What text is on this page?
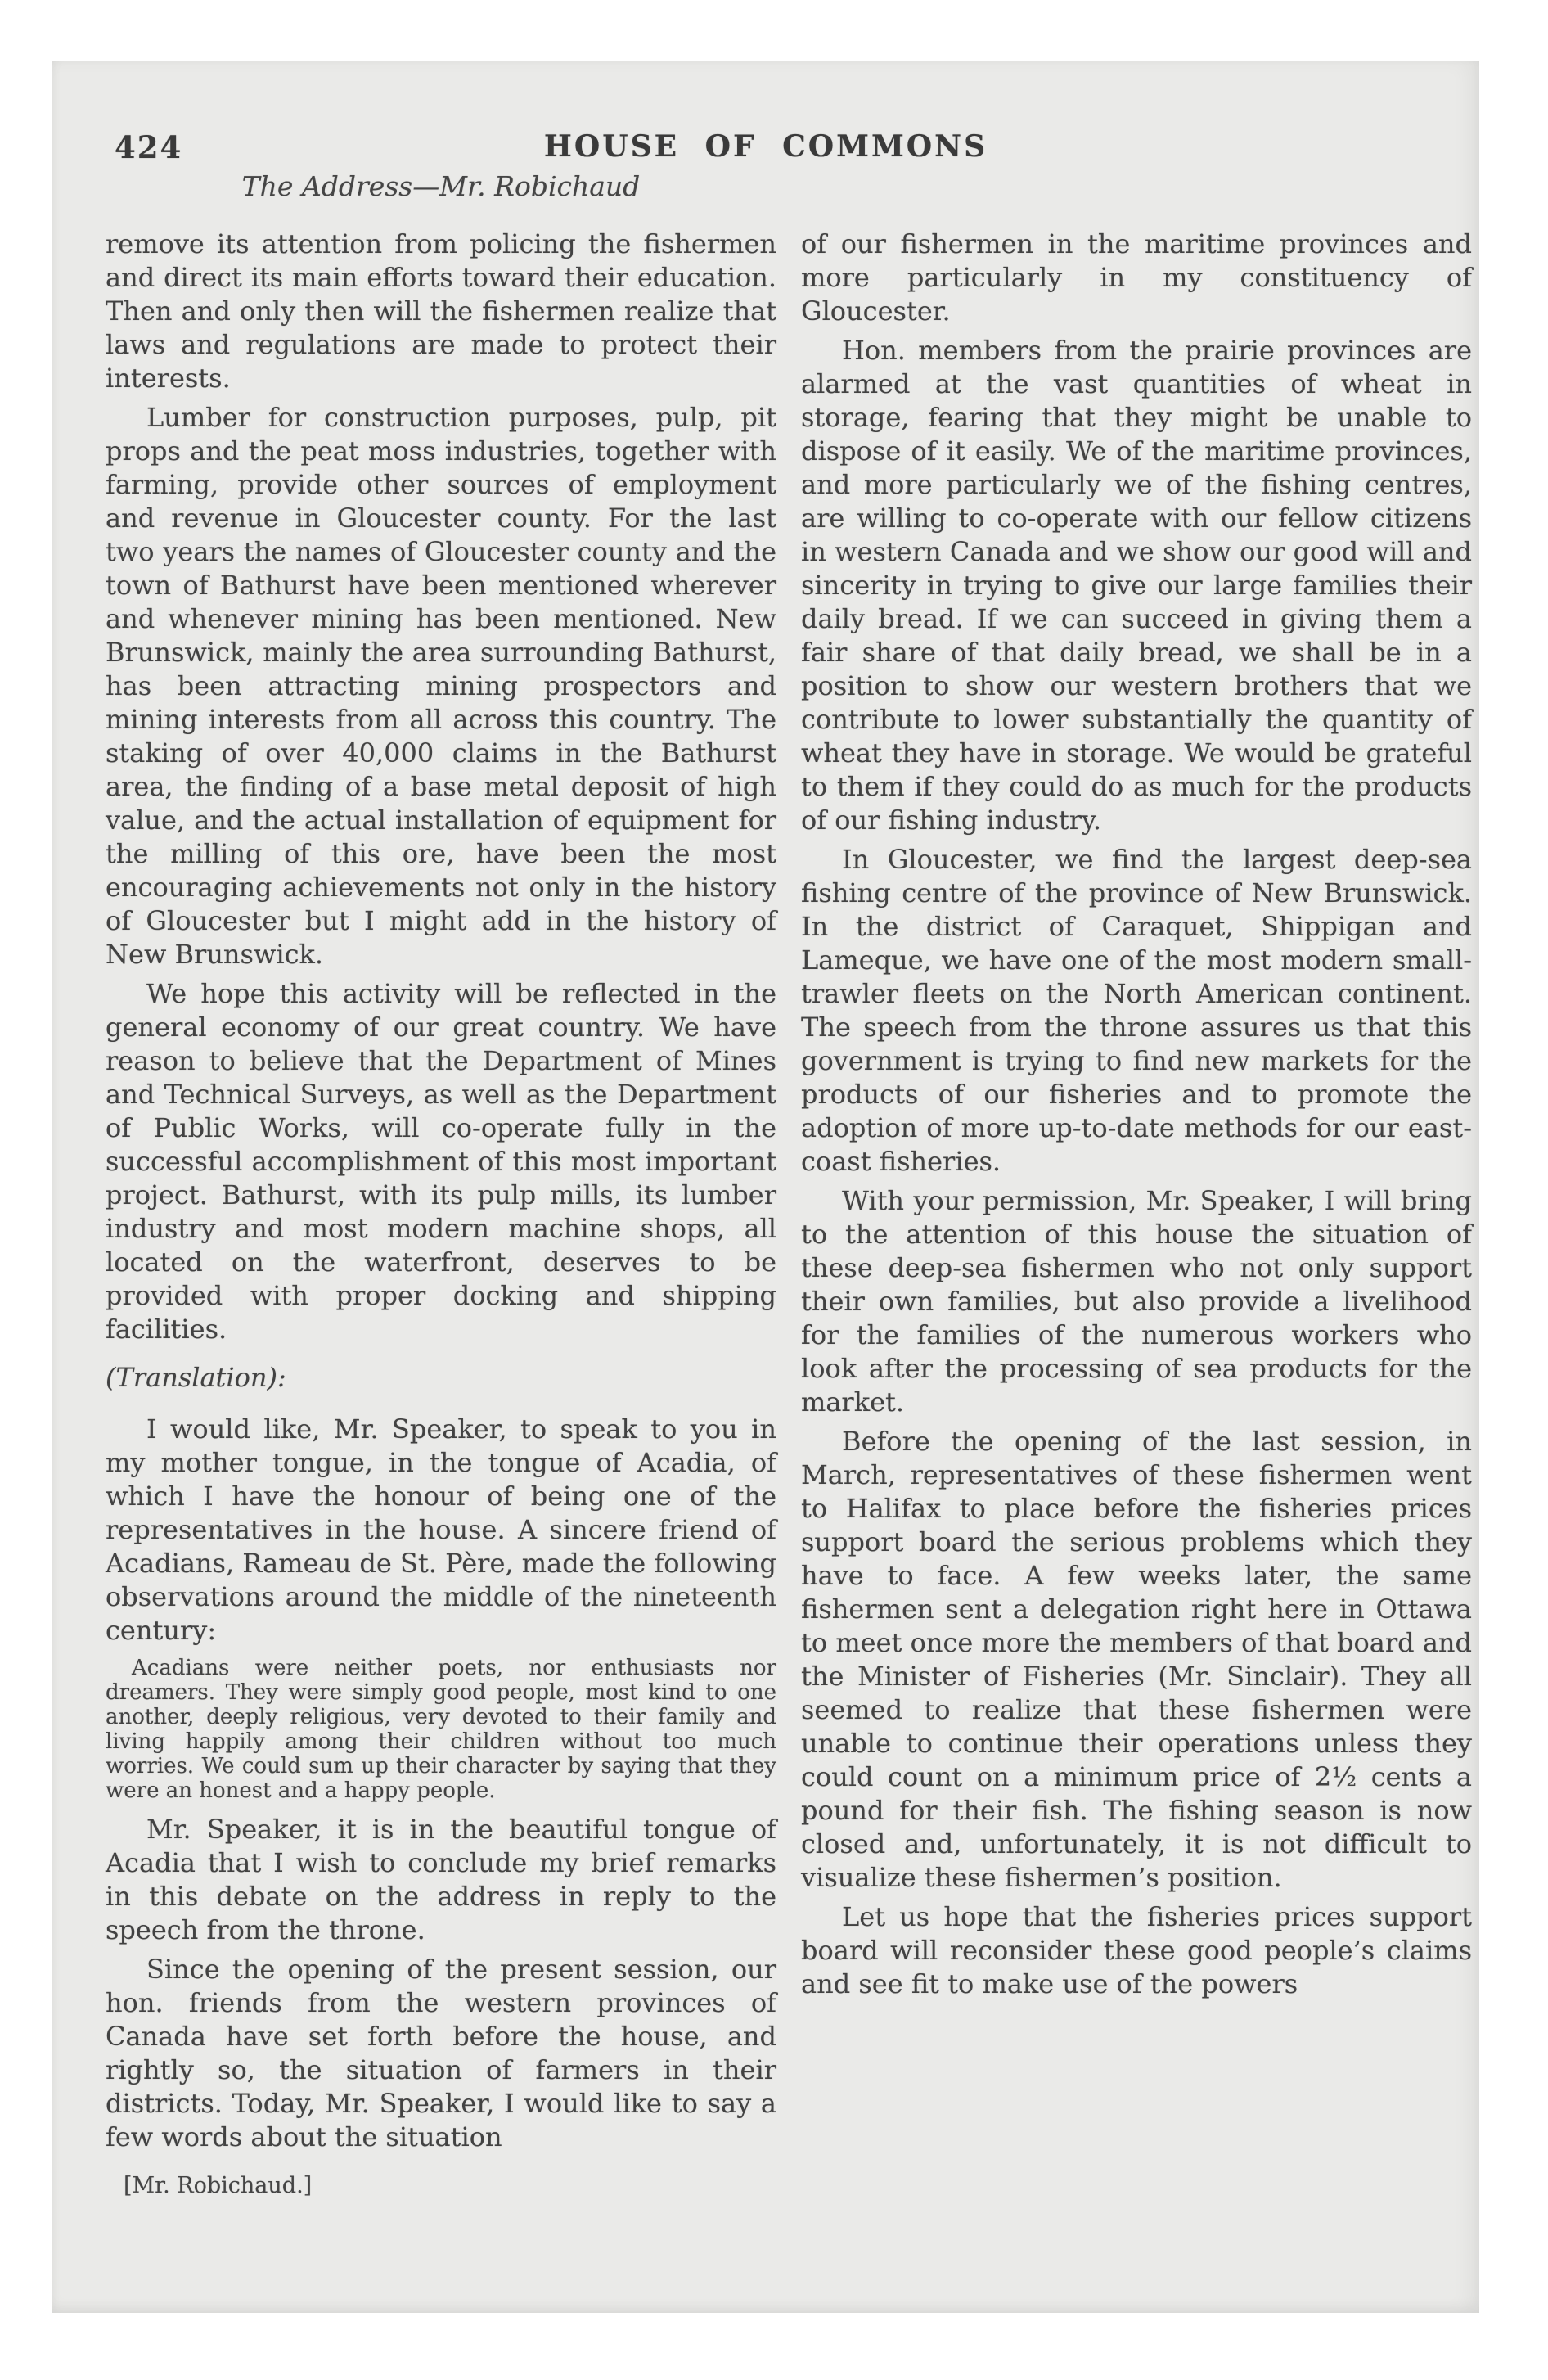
424	HOUSE OF COMMONS
The Address—Mr. Robichaud

remove its attention from policing the fishermen and direct its main efforts toward their education. Then and only then will the fishermen realize that laws and regulations are made to protect their interests.

Lumber for construction purposes, pulp, pit props and the peat moss industries, together with farming, provide other sources of employment and revenue in Gloucester county. For the last two years the names of Gloucester county and the town of Bathurst have been mentioned wherever and whenever mining has been mentioned. New Brunswick, mainly the area surrounding Bathurst, has been attracting mining prospectors and mining interests from all across this country. The staking of over 40,000 claims in the Bathurst area, the finding of a base metal deposit of high value, and the actual installation of equipment for the milling of this ore, have been the most encouraging achievements not only in the history of Gloucester but I might add in the history of New Brunswick.

We hope this activity will be reflected in the general economy of our great country. We have reason to believe that the Department of Mines and Technical Surveys, as well as the Department of Public Works, will co-operate fully in the successful accomplishment of this most important project. Bathurst, with its pulp mills, its lumber industry and most modern machine shops, all located on the waterfront, deserves to be provided with proper docking and shipping facilities.

(Translation):

I would like, Mr. Speaker, to speak to you in my mother tongue, in the tongue of Acadia, of which I have the honour of being one of the representatives in the house. A sincere friend of Acadians, Rameau de St. Père, made the following observations around the middle of the nineteenth century:

Acadians were neither poets, nor enthusiasts nor dreamers. They were simply good people, most kind to one another, deeply religious, very devoted to their family and living happily among their children without too much worries. We could sum up their character by saying that they were an honest and a happy people.

Mr. Speaker, it is in the beautiful tongue of Acadia that I wish to conclude my brief remarks in this debate on the address in reply to the speech from the throne.

Since the opening of the present session, our hon. friends from the western provinces of Canada have set forth before the house, and rightly so, the situation of farmers in their districts. Today, Mr. Speaker, I would like to say a few words about the situation

[Mr. Robichaud.]

of our fishermen in the maritime provinces and more particularly in my constituency of Gloucester.

Hon. members from the prairie provinces are alarmed at the vast quantities of wheat in storage, fearing that they might be unable to dispose of it easily. We of the maritime provinces, and more particularly we of the fishing centres, are willing to co-operate with our fellow citizens in western Canada and we show our good will and sincerity in trying to give our large families their daily bread. If we can succeed in giving them a fair share of that daily bread, we shall be in a position to show our western brothers that we contribute to lower substantially the quantity of wheat they have in storage. We would be grateful to them if they could do as much for the products of our fishing industry.

In Gloucester, we find the largest deep-sea fishing centre of the province of New Brunswick. In the district of Caraquet, Shippigan and Lameque, we have one of the most modern small-trawler fleets on the North American continent. The speech from the throne assures us that this government is trying to find new markets for the products of our fisheries and to promote the adoption of more up-to-date methods for our east-coast fisheries.

With your permission, Mr. Speaker, I will bring to the attention of this house the situation of these deep-sea fishermen who not only support their own families, but also provide a livelihood for the families of the numerous workers who look after the processing of sea products for the market.

Before the opening of the last session, in March, representatives of these fishermen went to Halifax to place before the fisheries prices support board the serious problems which they have to face. A few weeks later, the same fishermen sent a delegation right here in Ottawa to meet once more the members of that board and the Minister of Fisheries (Mr. Sinclair). They all seemed to realize that these fishermen were unable to continue their operations unless they could count on a minimum price of 2½ cents a pound for their fish. The fishing season is now closed and, unfortunately, it is not difficult to visualize these fishermen’s position.

Let us hope that the fisheries prices support board will reconsider these good people’s claims and see fit to make use of the powers
